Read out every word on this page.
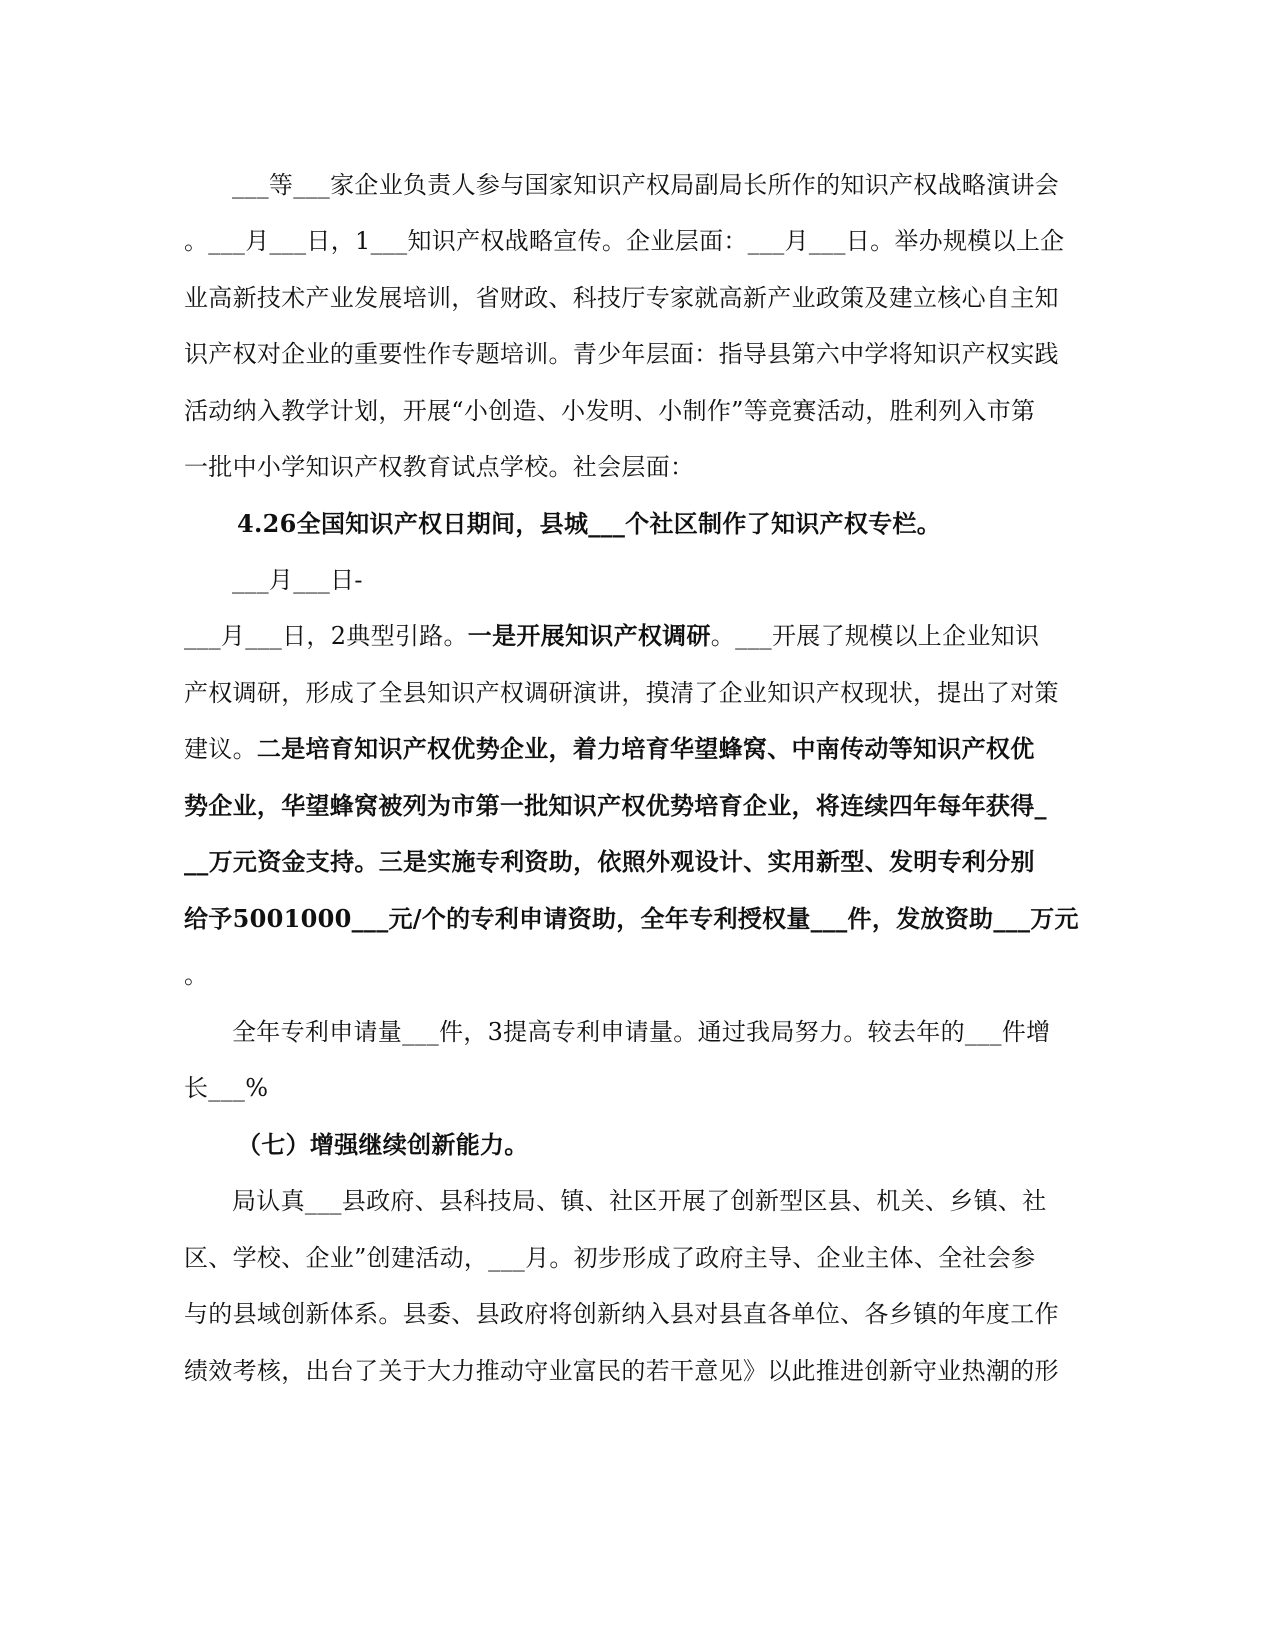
___等___家企业负责人参与国家知识产权局副局长所作的知识产权战略演讲会
。___月___日，1___知识产权战略宣传。企业层面：___月___日。举办规模以上企
业高新技术产业发展培训，省财政、科技厅专家就高新产业政策及建立核心自主知
识产权对企业的重要性作专题培训。青少年层面：指导县第六中学将知识产权实践
活动纳入教学计划，开展“小创造、小发明、小制作”等竞赛活动，胜利列入市第
一批中小学知识产权教育试点学校。社会层面：
4.26全国知识产权日期间，县城___个社区制作了知识产权专栏。
___月___日-
___月___日，2典型引路。一是开展知识产权调研。___开展了规模以上企业知识
产权调研，形成了全县知识产权调研演讲，摸清了企业知识产权现状，提出了对策
建议。二是培育知识产权优势企业，着力培育华望蜂窝、中南传动等知识产权优
势企业，华望蜂窝被列为市第一批知识产权优势培育企业，将连续四年每年获得_
__万元资金支持。三是实施专利资助，依照外观设计、实用新型、发明专利分别
给予5001000___元/个的专利申请资助，全年专利授权量___件，发放资助___万元
。
全年专利申请量___件，3提高专利申请量。通过我局努力。较去年的___件增
长___%
（七）增强继续创新能力。
局认真___县政府、县科技局、镇、社区开展了创新型区县、机关、乡镇、社
区、学校、企业”创建活动，___月。初步形成了政府主导、企业主体、全社会参
与的县域创新体系。县委、县政府将创新纳入县对县直各单位、各乡镇的年度工作
绩效考核，出台了关于大力推动守业富民的若干意见》以此推进创新守业热潮的形
